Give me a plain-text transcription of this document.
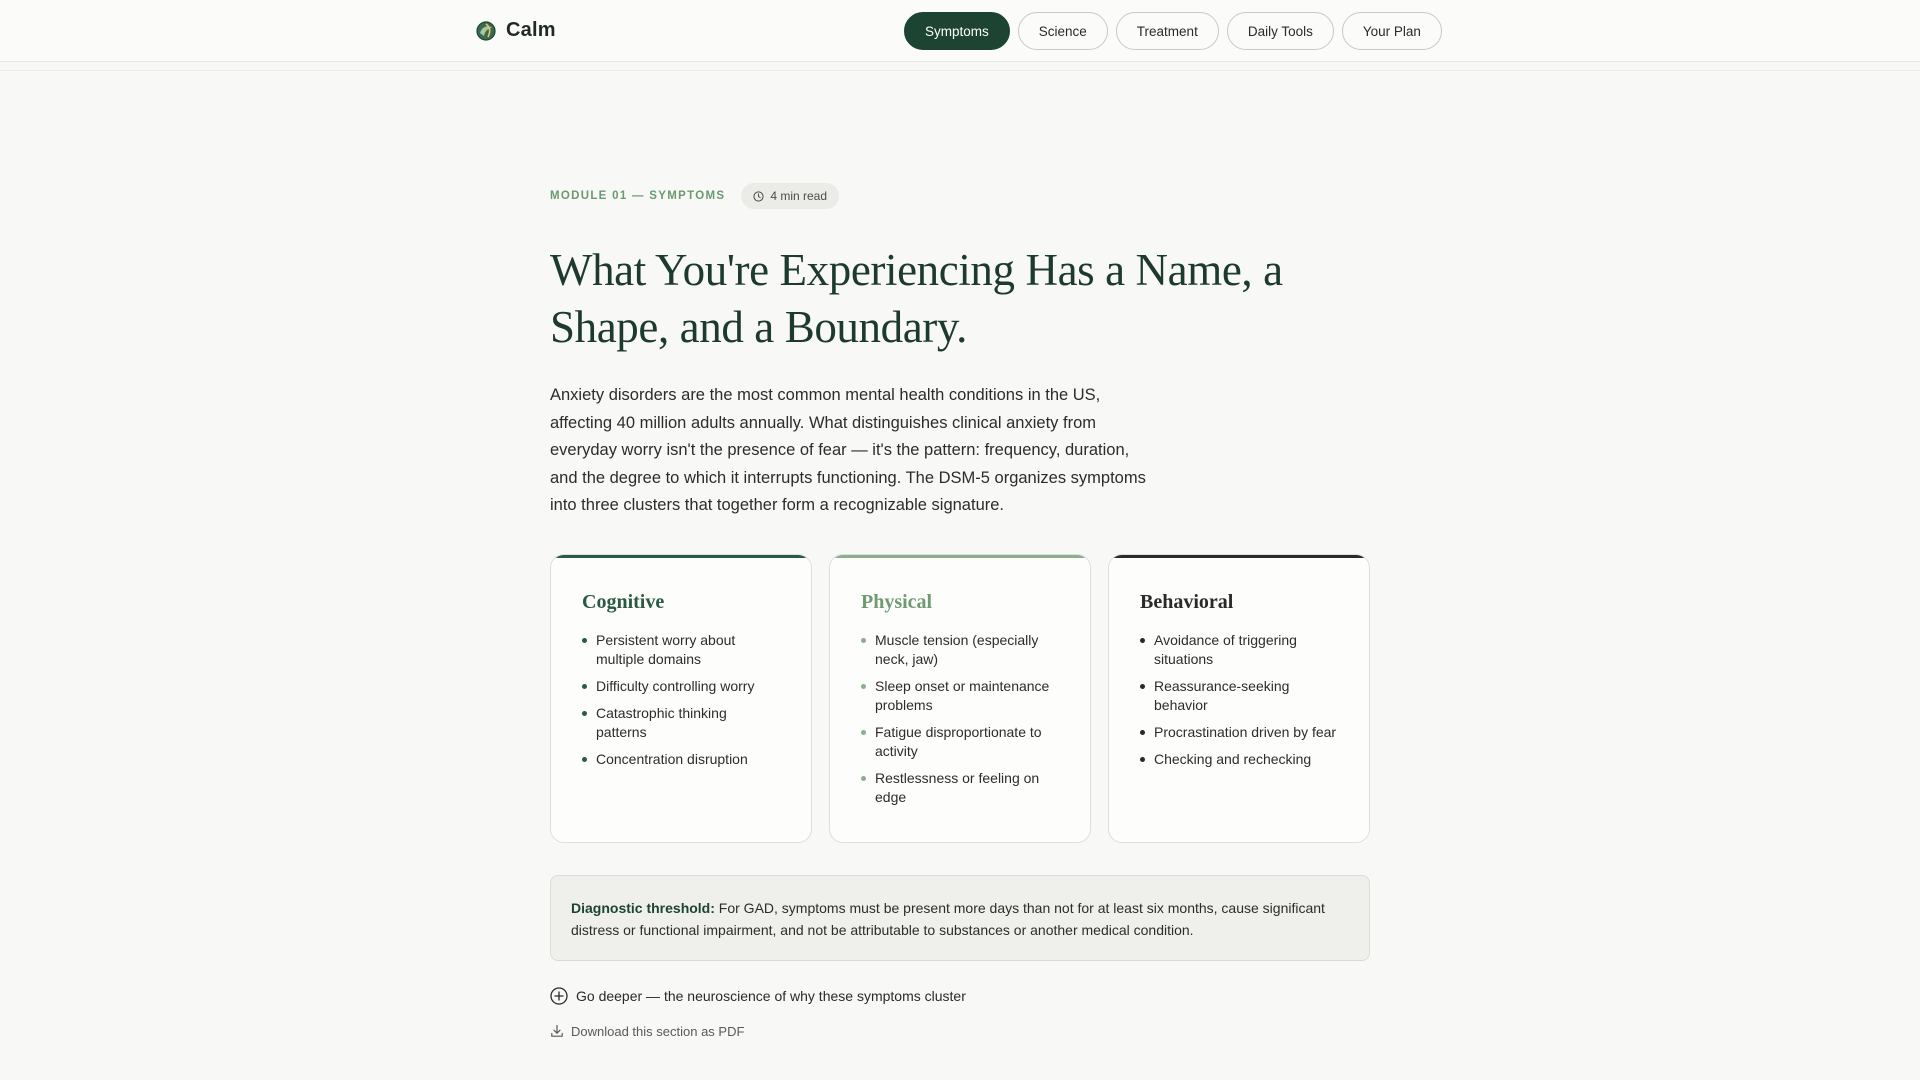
Calm	Symptoms	Science	Treatment	Daily Tools	Your Plan
MODULE 01 — SYMPTOMS	4 min read
What You're Experiencing Has a Name, a Shape, and a Boundary.

Anxiety disorders are the most common mental health conditions in the US, affecting 40 million adults annually. What distinguishes clinical anxiety from everyday worry isn't the presence of fear — it's the pattern: frequency, duration, and the degree to which it interrupts functioning. The DSM-5 organizes symptoms into three clusters that together form a recognizable signature.

Cognitive
Persistent worry about multiple domains
Difficulty controlling worry
Catastrophic thinking patterns
Concentration disruption
Physical
Muscle tension (especially neck, jaw)
Sleep onset or maintenance problems
Fatigue disproportionate to activity
Restlessness or feeling on edge
Behavioral
Avoidance of triggering situations
Reassurance-seeking behavior
Procrastination driven by fear
Checking and rechecking
Diagnostic threshold: For GAD, symptoms must be present more days than not for at least six months, cause significant distress or functional impairment, and not be attributable to substances or another medical condition.
Go deeper — the neuroscience of why these symptoms cluster
Download this section as PDF
